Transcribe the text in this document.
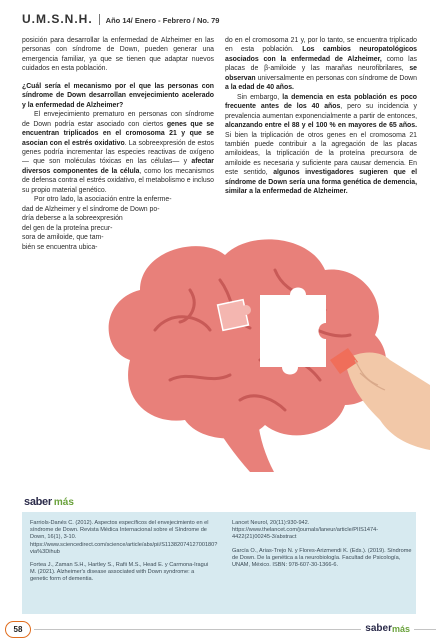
U.M.S.N.H. Año 14/ Enero - Febrero / No. 79

posición para desarrollar la enfermedad de Alzheimer en las personas con síndrome de Down, pueden generar una emergencia familiar, ya que se tienen que adaptar nuevos cuidados en esta población.

¿Cuál sería el mecanismo por el que las personas con síndrome de Down desarrollan envejecimiento acelerado y la enfermedad de Alzheimer?

El envejecimiento prematuro en personas con síndrome de Down podría estar asociado con ciertos genes que se encuentran triplicados en el cromosoma 21 y que se asocian con el estrés oxidativo. La sobreexpresión de estos genes podría incrementar las especies reactivas de oxígeno — que son moléculas tóxicas en las células— y afectar diversos componentes de la célula, como los mecanismos de defensa contra el estrés oxidativo, el metabolismo e incluso su propio material genético.

Por otro lado, la asociación entre la enferme-

dad de Alzheimer y el síndrome de Down po-

dría deberse a la sobreexpresión

del gen de la proteína precur-

sora de amiloide, que tam-

bién se encuentra ubica-

do en el cromosoma 21 y, por lo tanto, se encuentra triplicado en esta población. Los cambios neuropatológicos asociados con la enfermedad de Alzheimer, como las placas de β-amiloide y las marañas neurofibrilares, se observan universalmente en personas con síndrome de Down a la edad de 40 años.

Sin embargo, la demencia en esta población es poco frecuente antes de los 40 años, pero su incidencia y prevalencia aumentan exponencialmente a partir de entonces, alcanzando entre el 88 y el 100 % en mayores de 65 años. Si bien la triplicación de otros genes en el cromosoma 21 también puede contribuir a la agregación de las placas amiloideas, la triplicación de la proteína precursora de amiloide es necesaria y suficiente para causar demencia. En este sentido, algunos investigadores sugieren que el síndrome de Down sería una forma genética de demencia, similar a la enfermedad de Alzheimer.

saber más

Farriols-Danés C. (2012). Aspectos específicos del envejecimiento en el síndrome de Down. Revista Médica Internacional sobre el Síndrome de Down, 16(1), 3-10. https://www.sciencedirect.com/science/article/abs/pii/S1138207412700180?via%3Dihub

Fortea J., Zaman S.H., Hartley S., Rafii M.S., Head E. y Carmona-Iragui M. (2021). Alzheimer's disease associated with Down syndrome: a genetic form of dementia.

Lancet Neurol, 20(11):930-942. https://www.thelancet.com/journals/laneur/article/PIIS1474-4422(21)00245-3/abstract

García O., Arias-Trejo N. y Flores-Arizmendi K. (Eds.). (2019). Síndrome de Down. De la genética a la neurobiología. Facultad de Psicología, UNAM, México. ISBN: 978-607-30-1366-6.

58	saber más
